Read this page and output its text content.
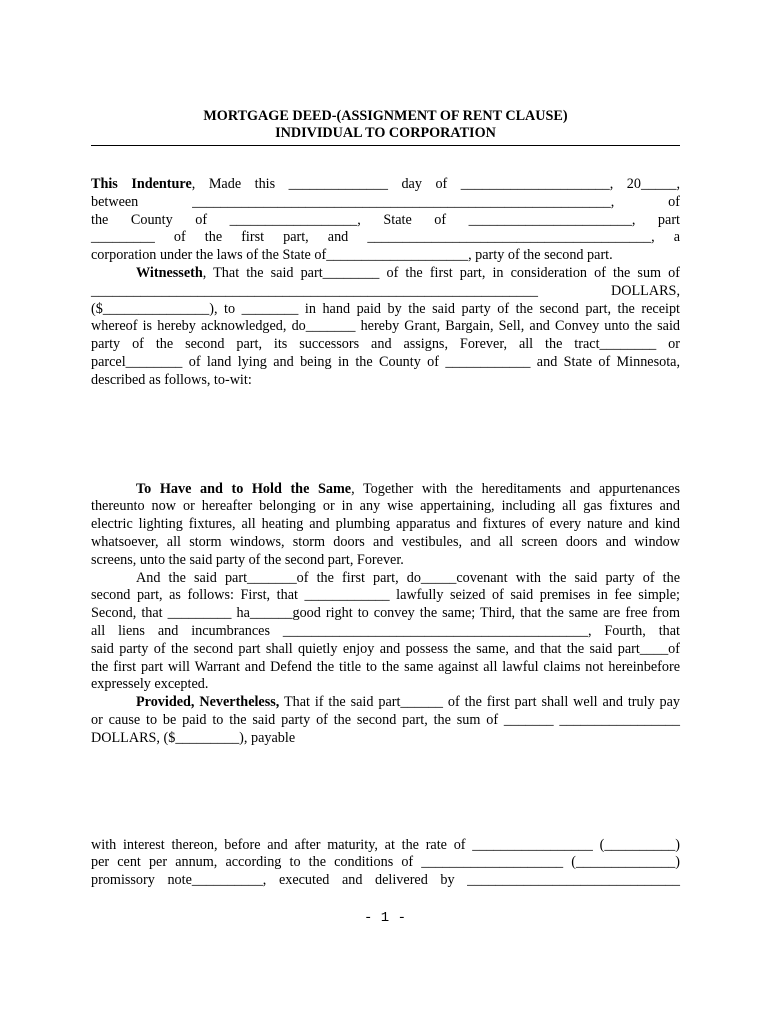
MORTGAGE DEED-(ASSIGNMENT OF RENT CLAUSE)
INDIVIDUAL TO CORPORATION
This Indenture, Made this ______________ day of _____________________, 20_____,
between ___________________________________________________________, of
the County of __________________, State of _______________________, part
_________ of the first part, and ________________________________________, a
corporation under the laws of the State of____________________, party of the second part.
Witnesseth, That the said part________ of the first part, in consideration of the sum of
_______________________________________________________________ DOLLARS,
($_______________), to ________ in hand paid by the said party of the second part, the receipt
whereof is hereby acknowledged, do_______ hereby Grant, Bargain, Sell, and Convey unto the said
party of the second part, its successors and assigns, Forever, all the tract________ or
parcel________ of land lying and being in the County of ____________ and State of Minnesota,
described as follows, to-wit:
To Have and to Hold the Same, Together with the hereditaments and appurtenances
thereunto now or hereafter belonging or in any wise appertaining, including all gas fixtures and
electric lighting fixtures, all heating and plumbing apparatus and fixtures of every nature and kind
whatsoever, all storm windows, storm doors and vestibules, and all screen doors and window
screens, unto the said party of the second part, Forever.
And the said part_______of the first part, do_____covenant with the said party of the
second part, as follows: First, that ____________ lawfully seized of said premises in fee simple;
Second, that _________ ha______good right to convey the same; Third, that the same are free from
all liens and incumbrances ___________________________________________, Fourth, that
said party of the second part shall quietly enjoy and possess the same, and that the said part____of
the first part will Warrant and Defend the title to the same against all lawful claims not hereinbefore
expressely excepted.
Provided, Nevertheless, That if the said part______ of the first part shall well and truly pay
or cause to be paid to the said party of the second part, the sum of _______ _________________
DOLLARS, ($_________), payable
with interest thereon, before and after maturity, at the rate of _________________ (__________)
per cent per annum, according to the conditions of ____________________ (______________)
promissory note__________, executed and delivered by ______________________________
- 1 -
